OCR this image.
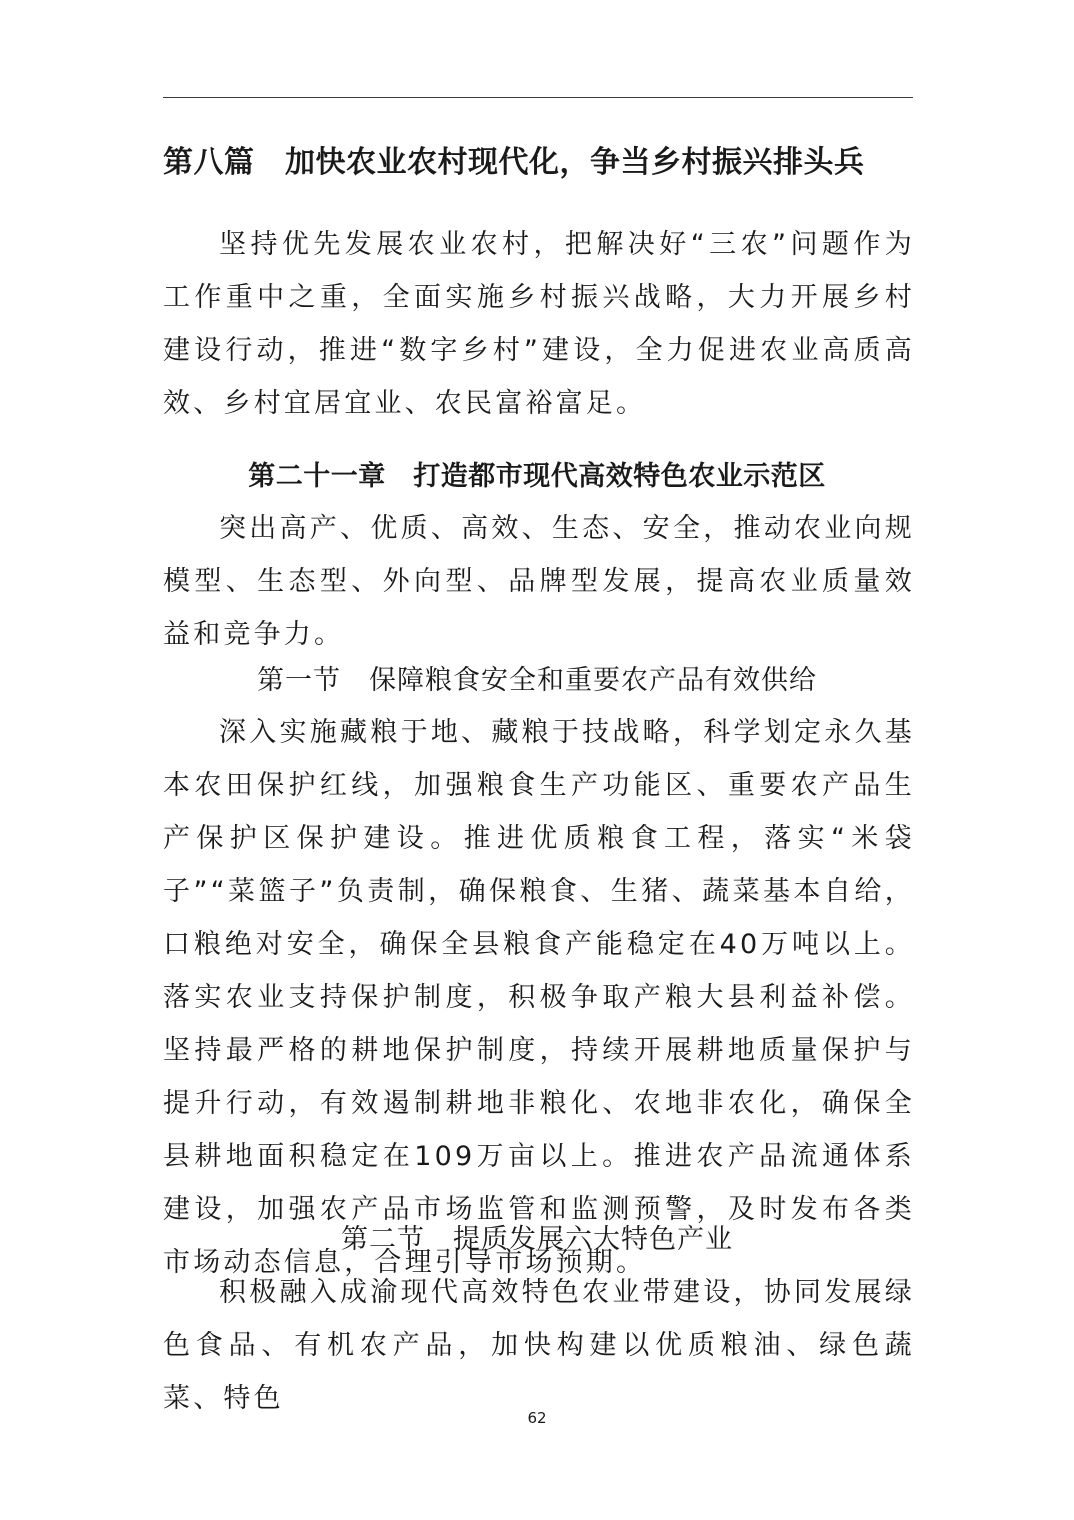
第八篇　加快农业农村现代化，争当乡村振兴排头兵

坚持优先发展农业农村，把解决好“三农”问题作为工作重中之重，全面实施乡村振兴战略，大力开展乡村建设行动，推进“数字乡村”建设，全力促进农业高质高效、乡村宜居宜业、农民富裕富足。

第二十一章　打造都市现代高效特色农业示范区

突出高产、优质、高效、生态、安全，推动农业向规模型、生态型、外向型、品牌型发展，提高农业质量效益和竞争力。

第一节　保障粮食安全和重要农产品有效供给

深入实施藏粮于地、藏粮于技战略，科学划定永久基本农田保护红线，加强粮食生产功能区、重要农产品生产保护区保护建设。推进优质粮食工程，落实“米袋子”“菜篮子”负责制，确保粮食、生猪、蔬菜基本自给，口粮绝对安全，确保全县粮食产能稳定在40万吨以上。落实农业支持保护制度，积极争取产粮大县利益补偿。坚持最严格的耕地保护制度，持续开展耕地质量保护与提升行动，有效遏制耕地非粮化、农地非农化，确保全县耕地面积稳定在109万亩以上。推进农产品流通体系建设，加强农产品市场监管和监测预警，及时发布各类市场动态信息，合理引导市场预期。

第二节　提质发展六大特色产业

积极融入成渝现代高效特色农业带建设，协同发展绿色食品、有机农产品，加快构建以优质粮油、绿色蔬菜、特色

62
